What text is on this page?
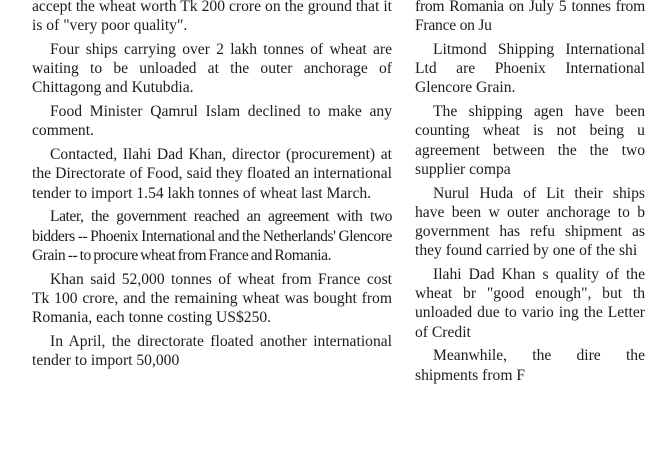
accept the wheat worth Tk 200 crore on the ground that it is of "very poor quality".

Four ships carrying over 2 lakh tonnes of wheat are waiting to be unloaded at the outer anchorage of Chittagong and Kutubdia.

Food Minister Qamrul Islam declined to make any comment.

Contacted, Ilahi Dad Khan, director (procurement) at the Directorate of Food, said they floated an international tender to import 1.54 lakh tonnes of wheat last March.

Later, the government reached an agreement with two bidders -- Phoenix International and the Netherlands' Glencore Grain -- to procure wheat from France and Romania.

Khan said 52,000 tonnes of wheat from France cost Tk 100 crore, and the remaining wheat was bought from Romania, each tonne costing US$250.

In April, the directorate floated another international tender to import 50,000

from Romania on July 5 tonnes from France on Ju

Litmond Shipping International Ltd are Phoenix International Glencore Grain.

The shipping agen have been counting wheat is not being u agreement between the the two supplier compa

Nurul Huda of Lit their ships have been w outer anchorage to b government has refu shipment as they found carried by one of the shi

Ilahi Dad Khan s quality of the wheat br "good enough", but th unloaded due to vario ing the Letter of Credit

Meanwhile, the dire the shipments from F
